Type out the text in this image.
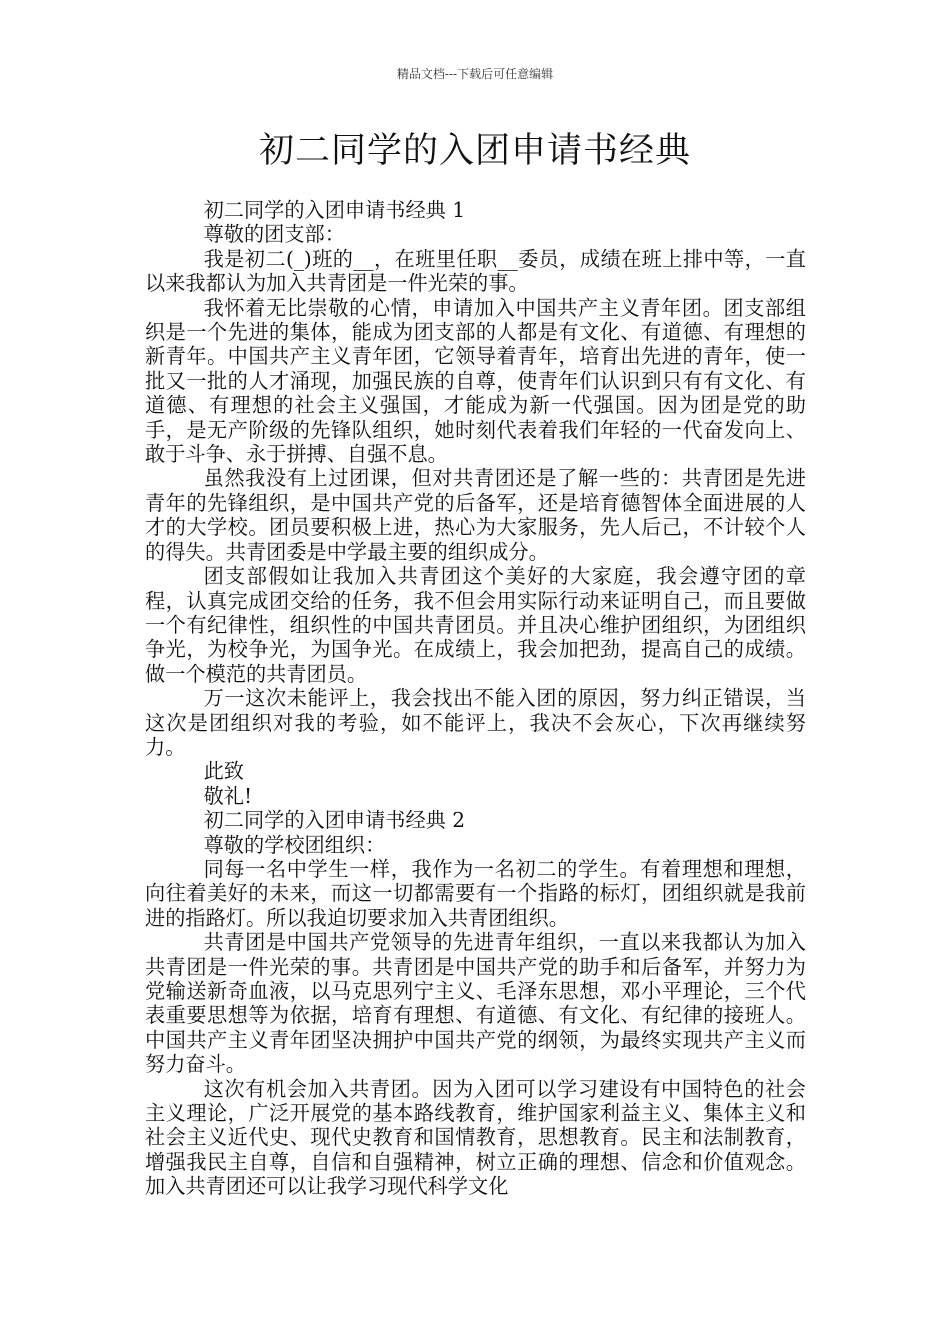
精品文档---下载后可任意编辑
初二同学的入团申请书经典

初二同学的入团申请书经典 1

尊敬的团支部：

我是初二(_)班的__，在班里任职__委员，成绩在班上排中等，一直以来我都认为加入共青团是一件光荣的事。

我怀着无比崇敬的心情，申请加入中国共产主义青年团。团支部组织是一个先进的集体，能成为团支部的人都是有文化、有道德、有理想的新青年。中国共产主义青年团，它领导着青年，培育出先进的青年，使一批又一批的人才涌现，加强民族的自尊，使青年们认识到只有有文化、有道德、有理想的社会主义强国，才能成为新一代强国。因为团是党的助手，是无产阶级的先锋队组织，她时刻代表着我们年轻的一代奋发向上、敢于斗争、永于拼搏、自强不息。

虽然我没有上过团课，但对共青团还是了解一些的：共青团是先进青年的先锋组织，是中国共产党的后备军，还是培育德智体全面进展的人才的大学校。团员要积极上进，热心为大家服务，先人后己，不计较个人的得失。共青团委是中学最主要的组织成分。

团支部假如让我加入共青团这个美好的大家庭，我会遵守团的章程，认真完成团交给的任务，我不但会用实际行动来证明自己，而且要做一个有纪律性，组织性的中国共青团员。并且决心维护团组织，为团组织争光，为校争光，为国争光。在成绩上，我会加把劲，提高自己的成绩。做一个模范的共青团员。

万一这次未能评上，我会找出不能入团的原因，努力纠正错误，当这次是团组织对我的考验，如不能评上，我决不会灰心，下次再继续努力。

此致

敬礼!

初二同学的入团申请书经典 2

尊敬的学校团组织：

同每一名中学生一样，我作为一名初二的学生。有着理想和理想，向往着美好的未来，而这一切都需要有一个指路的标灯，团组织就是我前进的指路灯。所以我迫切要求加入共青团组织。

共青团是中国共产党领导的先进青年组织，一直以来我都认为加入共青团是一件光荣的事。共青团是中国共产党的助手和后备军，并努力为党输送新奇血液，以马克思列宁主义、毛泽东思想，邓小平理论，三个代表重要思想等为依据，培育有理想、有道德、有文化、有纪律的接班人。中国共产主义青年团坚决拥护中国共产党的纲领，为最终实现共产主义而努力奋斗。

这次有机会加入共青团。因为入团可以学习建设有中国特色的社会主义理论，广泛开展党的基本路线教育，维护国家利益主义、集体主义和社会主义近代史、现代史教育和国情教育，思想教育。民主和法制教育，增强我民主自尊，自信和自强精神，树立正确的理想、信念和价值观念。加入共青团还可以让我学习现代科学文化
